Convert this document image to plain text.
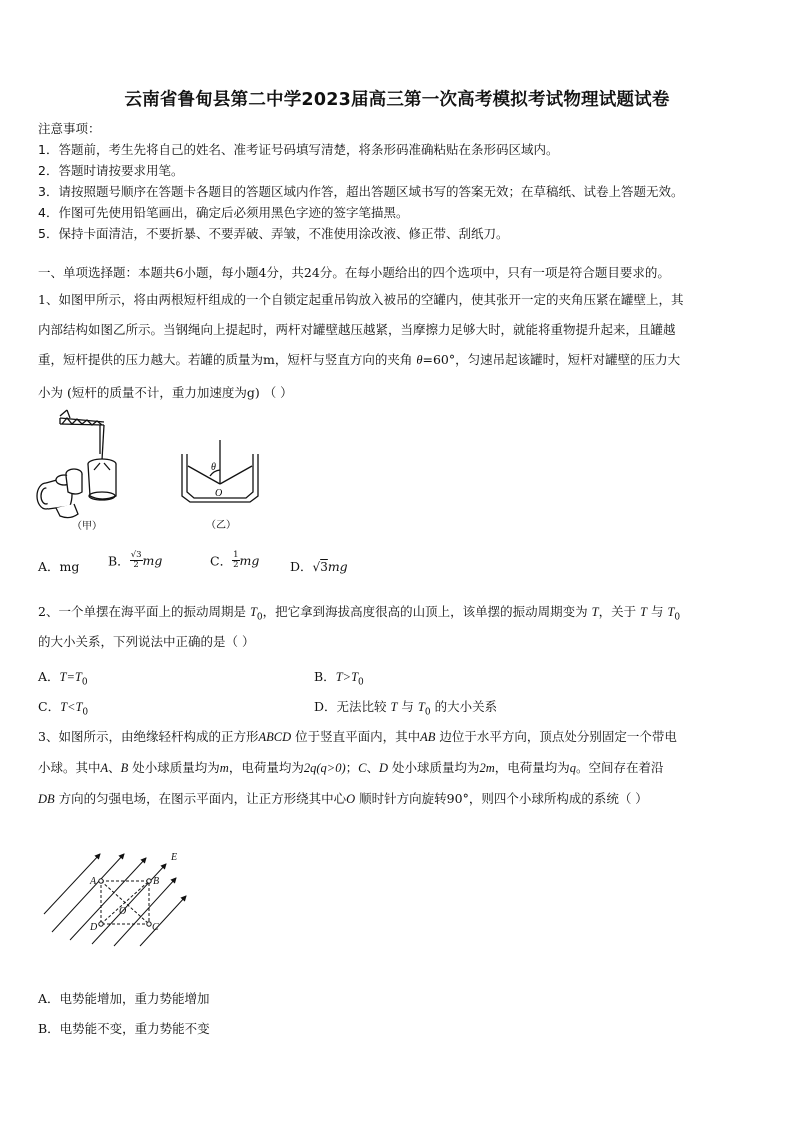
云南省鲁甸县第二中学2023届高三第一次高考模拟考试物理试题试卷
注意事项：
1．答题前，考生先将自己的姓名、准考证号码填写清楚，将条形码准确粘贴在条形码区域内。
2．答题时请按要求用笔。
3．请按照题号顺序在答题卡各题目的答题区域内作答，超出答题区域书写的答案无效；在草稿纸、试卷上答题无效。
4．作图可先使用铅笔画出，确定后必须用黑色字迹的签字笔描黑。
5．保持卡面清洁，不要折暴、不要弄破、弄皱，不准使用涂改液、修正带、刮纸刀。
一、单项选择题：本题共6小题，每小题4分，共24分。在每小题给出的四个选项中，只有一项是符合题目要求的。
1、如图甲所示，将由两根短杆组成的一个自锁定起重吊钩放入被吊的空罐内，使其张开一定的夹角压紧在罐壁上，其
内部结构如图乙所示。当钢绳向上提起时，两杆对罐壁越压越紧，当摩擦力足够大时，就能将重物提升起来，且罐越
重，短杆提供的压力越大。若罐的质量为m，短杆与竖直方向的夹角 θ=60°，匀速吊起该罐时，短杆对罐壁的压力大
小为 (短杆的质量不计，重力加速度为g) （ ）
（甲）
θ
O
（乙）
A．mg B． $\frac{√3}{2}$ 𝑚𝑔	C． $\frac{1}{2}$ 𝑚𝑔 D．√3𝑚𝑔
2、一个单摆在海平面上的振动周期是 $T_0$，把它拿到海拔高度很高的山顶上，该单摆的振动周期变为 T，关于 T 与 $T_0$
的大小关系，下列说法中正确的是（ ）
A．$T=T_0$	B．$T>T_0$
C．$T<T_0$	D．无法比较 T 与 $T_0$ 的大小关系
3、如图所示，由绝缘轻杆构成的正方形ABCD 位于竖直平面内，其中AB 边位于水平方向，顶点处分别固定一个带电
小球。其中A、B 处小球质量均为m，电荷量均为2q(q>0)；C、D 处小球质量均为2m，电荷量均为q。空间存在着沿
DB 方向的匀强电场，在图示平面内，让正方形绕其中心O 顺时针方向旋转90°，则四个小球所构成的系统（ ）
E
A	B
C
D
O
A．电势能增加，重力势能增加
B．电势能不变，重力势能不变
